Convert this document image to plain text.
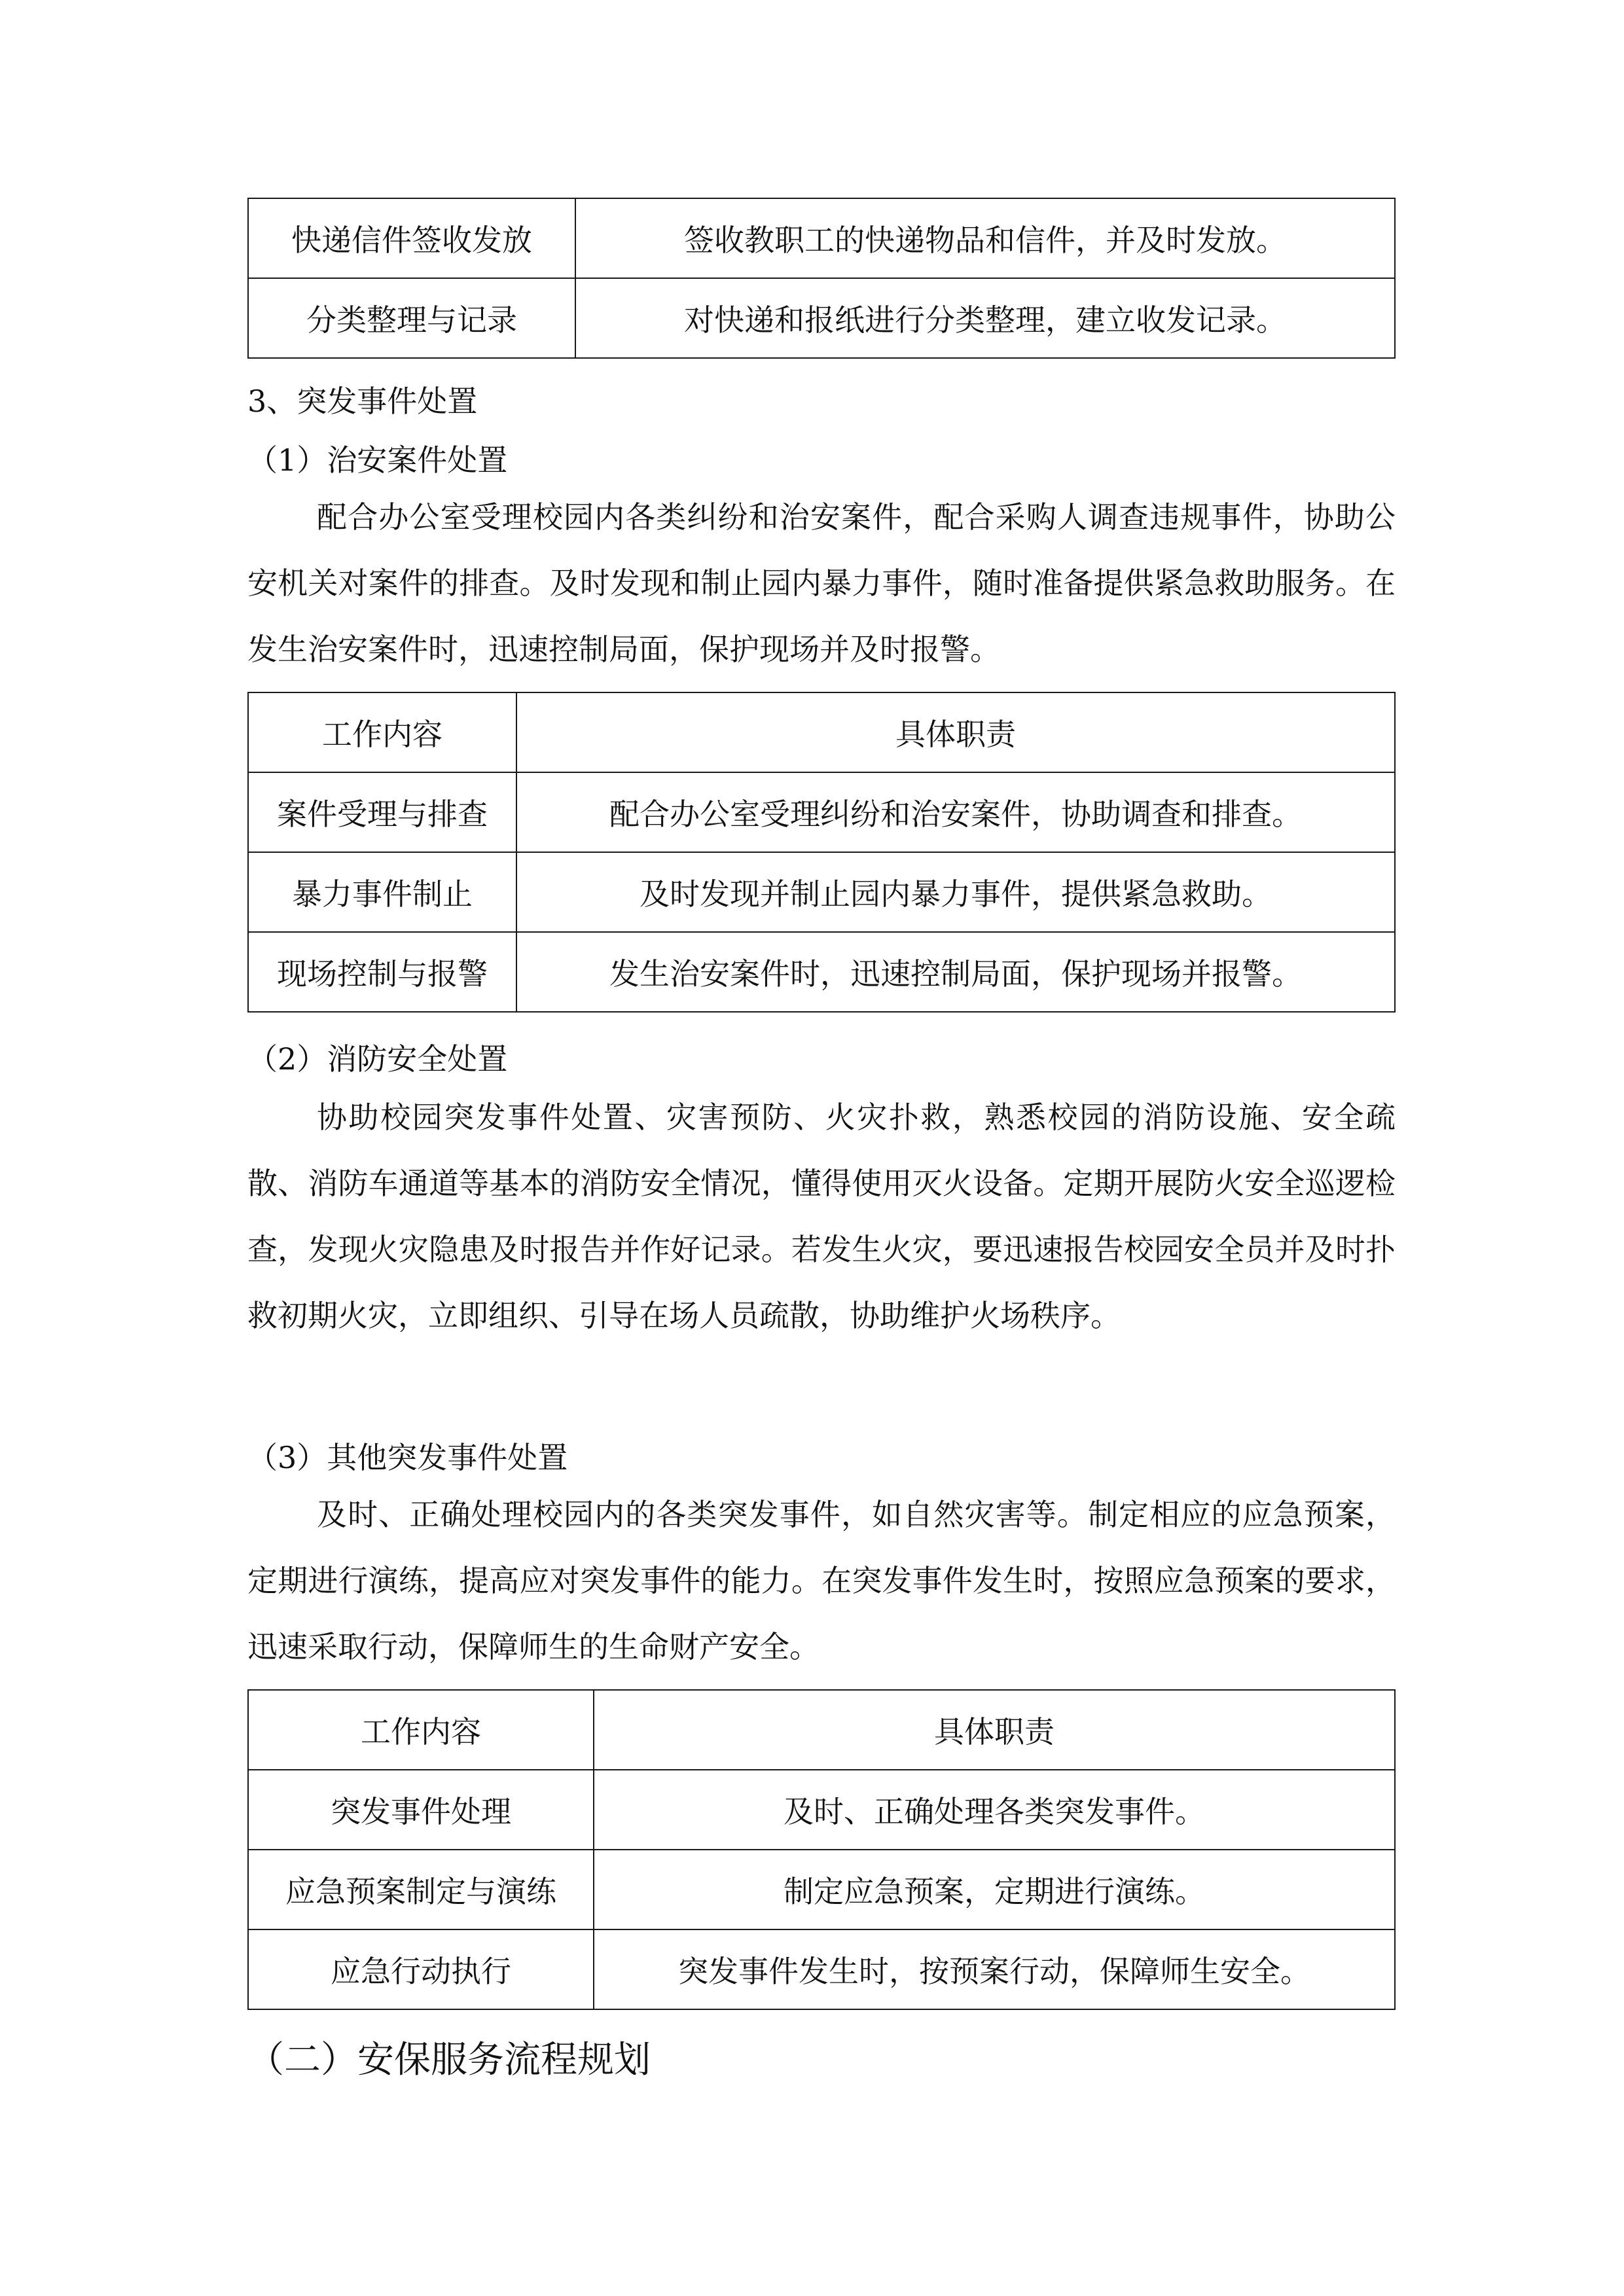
快递信件签收发放	签收教职工的快递物品和信件，并及时发放。
分类整理与记录	对快递和报纸进行分类整理，建立收发记录。
3、突发事件处置
（1）治安案件处置
配合办公室受理校园内各类纠纷和治安案件，配合采购人调查违规事件，协助公安机关对案件的排查。及时发现和制止园内暴力事件，随时准备提供紧急救助服务。在发生治安案件时，迅速控制局面，保护现场并及时报警。
工作内容	具体职责
案件受理与排查	配合办公室受理纠纷和治安案件，协助调查和排查。
暴力事件制止	及时发现并制止园内暴力事件，提供紧急救助。
现场控制与报警	发生治安案件时，迅速控制局面，保护现场并报警。
（2）消防安全处置
协助校园突发事件处置、灾害预防、火灾扑救，熟悉校园的消防设施、安全疏散、消防车通道等基本的消防安全情况，懂得使用灭火设备。定期开展防火安全巡逻检查，发现火灾隐患及时报告并作好记录。若发生火灾，要迅速报告校园安全员并及时扑救初期火灾，立即组织、引导在场人员疏散，协助维护火场秩序。
（3）其他突发事件处置
及时、正确处理校园内的各类突发事件，如自然灾害等。制定相应的应急预案，定期进行演练，提高应对突发事件的能力。在突发事件发生时，按照应急预案的要求，迅速采取行动，保障师生的生命财产安全。
工作内容	具体职责
突发事件处理	及时、正确处理各类突发事件。
应急预案制定与演练	制定应急预案，定期进行演练。
应急行动执行	突发事件发生时，按预案行动，保障师生安全。
（二）安保服务流程规划
